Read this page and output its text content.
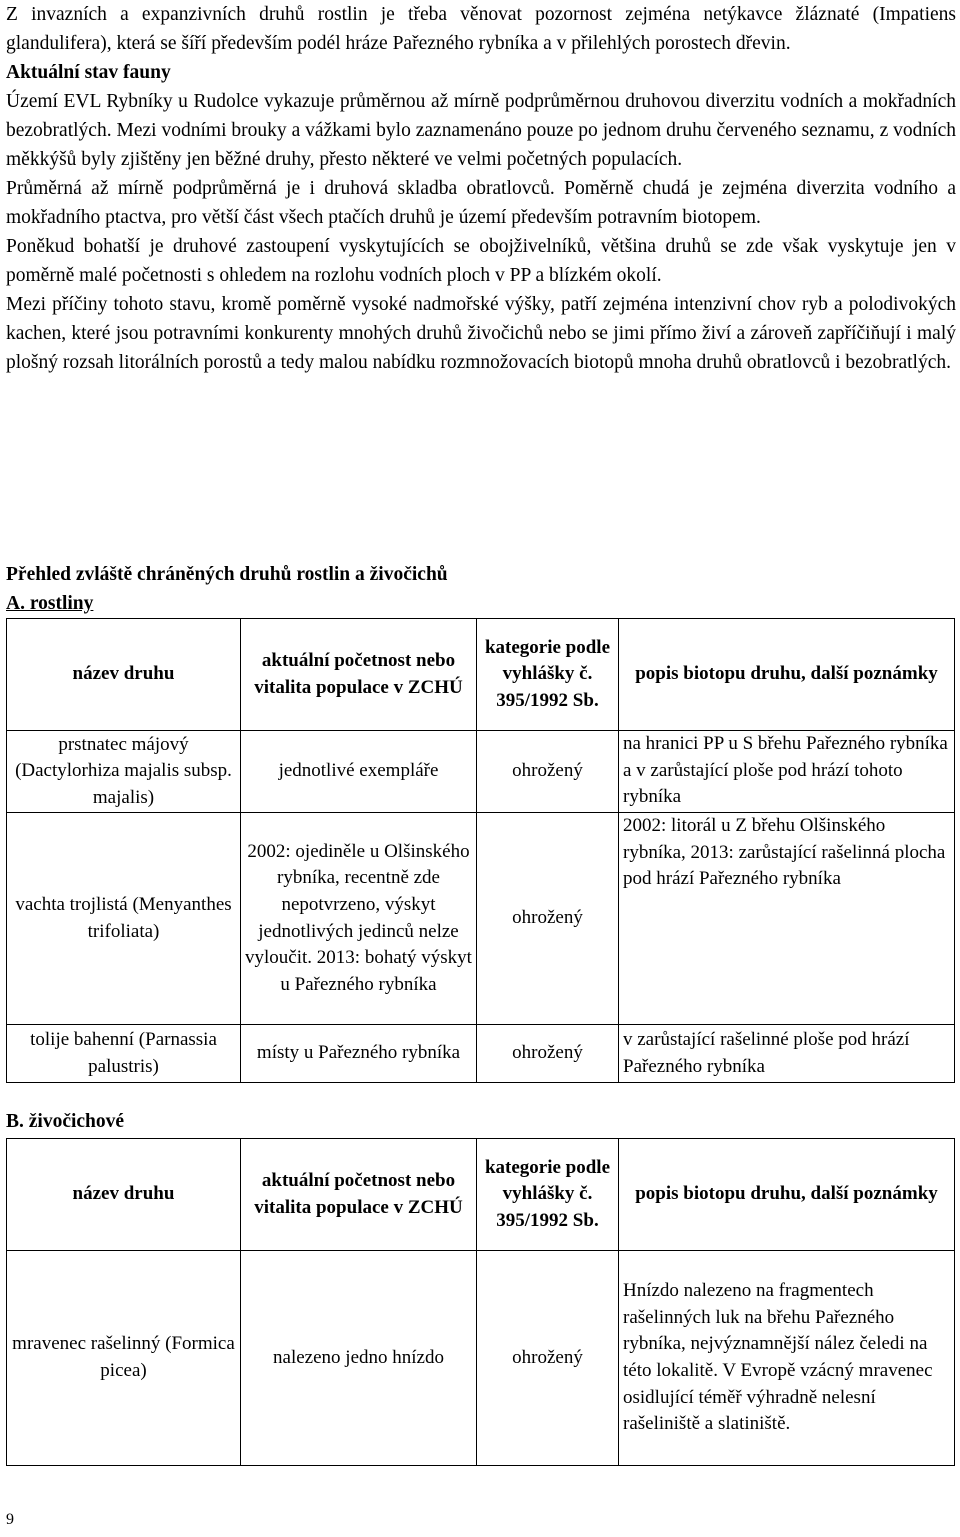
Z invazních a expanzivních druhů rostlin je třeba věnovat pozornost zejména netýkavce žláznaté (Impatiens glandulifera), která se šíří především podél hráze Pařezného rybníka a v přilehlých porostech dřevin.

Aktuální stav fauny

Území EVL Rybníky u Rudolce vykazuje průměrnou až mírně podprůměrnou druhovou diverzitu vodních a mokřadních bezobratlých. Mezi vodními brouky a vážkami bylo zaznamenáno pouze po jednom druhu červeného seznamu, z vodních měkkýšů byly zjištěny jen běžné druhy, přesto některé ve velmi početných populacích.

Průměrná až mírně podprůměrná je i druhová skladba obratlovců. Poměrně chudá je zejména diverzita vodního a mokřadního ptactva, pro větší část všech ptačích druhů je území především potravním biotopem.

Poněkud bohatší je druhové zastoupení vyskytujících se obojživelníků, většina druhů se zde však vyskytuje jen v poměrně malé početnosti s ohledem na rozlohu vodních ploch v PP a blízkém okolí.

Mezi příčiny tohoto stavu, kromě poměrně vysoké nadmořské výšky, patří zejména intenzivní chov ryb a polodivokých kachen, které jsou potravními konkurenty mnohých druhů živočichů nebo se jimi přímo živí a zároveň zapříčiňují i malý plošný rozsah litorálních porostů a tedy malou nabídku rozmnožovacích biotopů mnoha druhů obratlovců i bezobratlých.

Přehled zvláště chráněných druhů rostlin a živočichů

A. rostliny

název druhu	aktuální početnost nebo vitalita populace v ZCHÚ	kategorie podle vyhlášky č. 395/1992 Sb.	popis biotopu druhu, další poznámky
prstnatec májový (Dactylorhiza majalis subsp. majalis)	jednotlivé exempláře	ohrožený	na hranici PP u S břehu Pařezného rybníka a v zarůstající ploše pod hrází tohoto rybníka
vachta trojlistá (Menyanthes trifoliata)	2002: ojediněle u Olšinského rybníka, recentně zde nepotvrzeno, výskyt jednotlivých jedinců nelze vyloučit. 2013: bohatý výskyt u Pařezného rybníka	ohrožený	2002: litorál u Z břehu Olšinského rybníka, 2013: zarůstající rašelinná plocha pod hrází Pařezného rybníka
tolije bahenní (Parnassia palustris)	místy u Pařezného rybníka	ohrožený	v zarůstající rašelinné ploše pod hrází Pařezného rybníka

B. živočichové

název druhu	aktuální početnost nebo vitalita populace v ZCHÚ	kategorie podle vyhlášky č. 395/1992 Sb.	popis biotopu druhu, další poznámky
mravenec rašelinný (Formica picea)	nalezeno jedno hnízdo	ohrožený	Hnízdo nalezeno na fragmentech rašelinných luk na břehu Pařezného rybníka, nejvýznamnější nález čeledi na této lokalitě. V Evropě vzácný mravenec osidlující téměř výhradně nelesní rašeliniště a slatiniště.
9
